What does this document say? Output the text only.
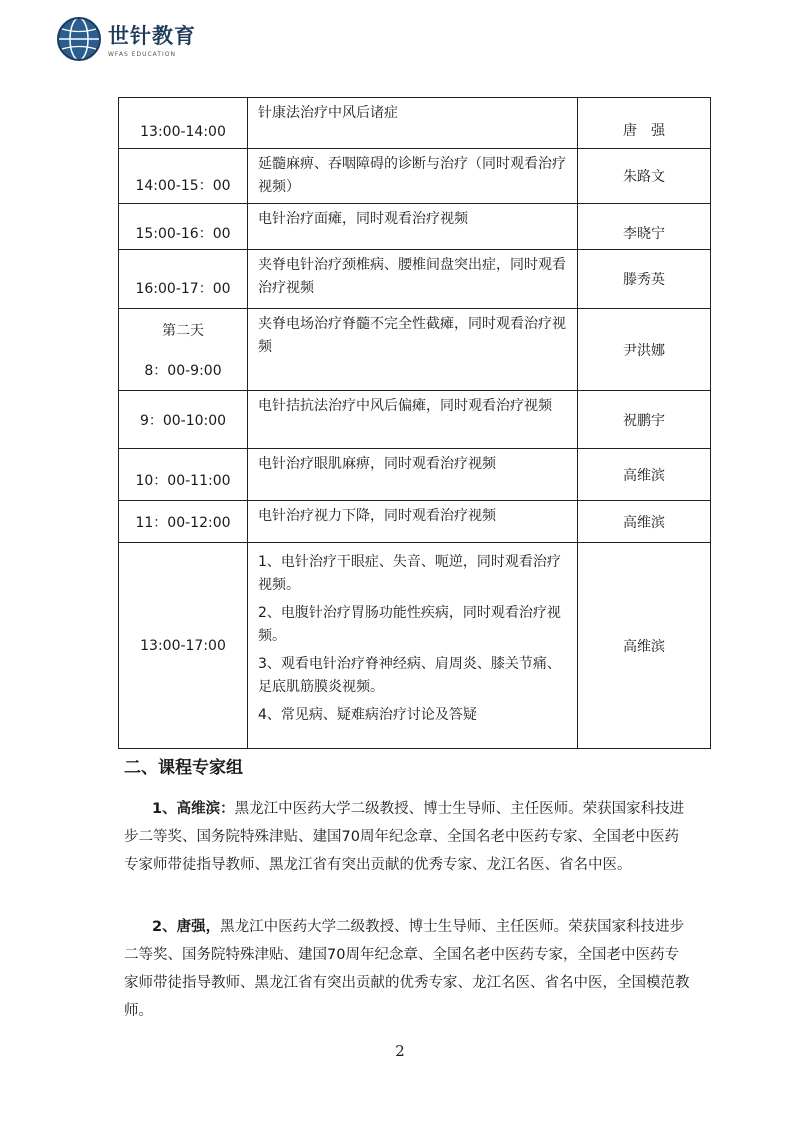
世针教育
WFAS EDUCATION
13:00-14:00	针康法治疗中风后诸症	唐　强
14:00-15：00	延髓麻痹、吞咽障碍的诊断与治疗（同时观看治疗视频）	朱路文
15:00-16：00	电针治疗面瘫，同时观看治疗视频	李晓宁
16:00-17：00	夹脊电针治疗颈椎病、腰椎间盘突出症，同时观看治疗视频	滕秀英

第二天
8：00-9:00	夹脊电场治疗脊髓不完全性截瘫，同时观看治疗视频	尹洪娜
9：00-10:00	电针拮抗法治疗中风后偏瘫，同时观看治疗视频	祝鹏宇
10：00-11:00	电针治疗眼肌麻痹，同时观看治疗视频	高维滨
11：00-12:00	电针治疗视力下降，同时观看治疗视频	高维滨
13:00-17:00	1、电针治疗干眼症、失音、呃逆，同时观看治疗视频。
2、电腹针治疗胃肠功能性疾病，同时观看治疗视频。
3、观看电针治疗脊神经病、肩周炎、膝关节痛、足底肌筋膜炎视频。
4、常见病、疑难病治疗讨论及答疑	高维滨
二、课程专家组
1、高维滨：黑龙江中医药大学二级教授、博士生导师、主任医师。荣获国家科技进步二等奖、国务院特殊津贴、建国70周年纪念章、全国名老中医药专家、全国老中医药专家师带徒指导教师、黑龙江省有突出贡献的优秀专家、龙江名医、省名中医。
2、唐强，黑龙江中医药大学二级教授、博士生导师、主任医师。荣获国家科技进步二等奖、国务院特殊津贴、建国70周年纪念章、全国名老中医药专家，全国老中医药专家师带徒指导教师、黑龙江省有突出贡献的优秀专家、龙江名医、省名中医，全国模范教师。
2
